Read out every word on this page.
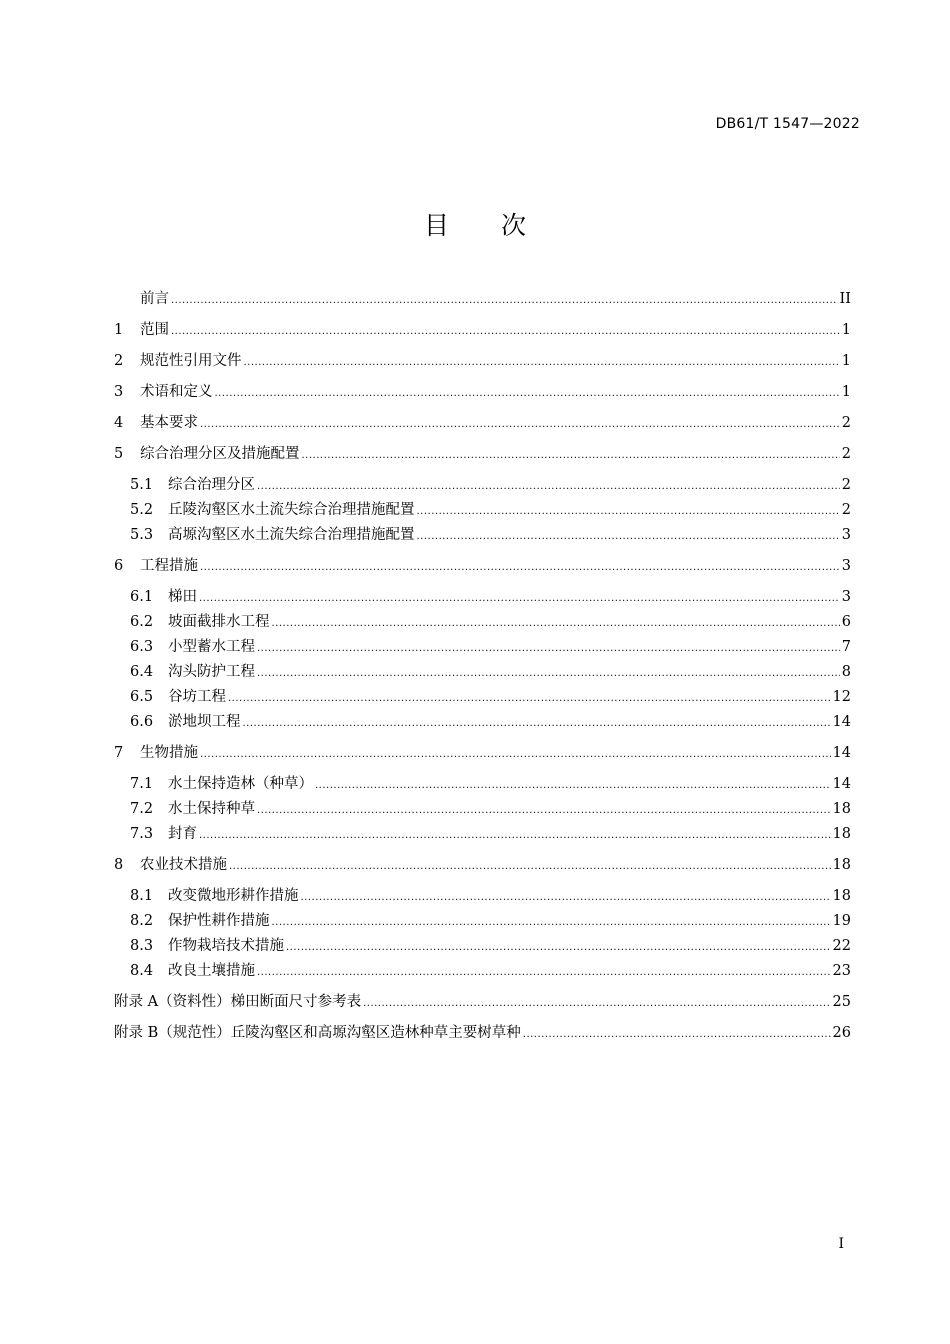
DB61/T 1547—2022
目 次
前言 .....	II
1	范围 .....	1
2	规范性引用文件 .....	1
3	术语和定义 .....	1
4	基本要求 .....	2
5	综合治理分区及措施配置 .....	2
5.1	综合治理分区 .....	2
5.2	丘陵沟壑区水土流失综合治理措施配置 .....	2
5.3	高塬沟壑区水土流失综合治理措施配置 .....	3
6	工程措施 .....	3
6.1	梯田 .....	3
6.2	坡面截排水工程 .....	6
6.3	小型蓄水工程 .....	7
6.4	沟头防护工程 .....	8
6.5	谷坊工程 .....	12
6.6	淤地坝工程 .....	14
7	生物措施 .....	14
7.1	水土保持造林（种草） .....	14
7.2	水土保持种草 .....	18
7.3	封育 .....	18
8	农业技术措施 .....	18
8.1	改变微地形耕作措施 .....	18
8.2	保护性耕作措施 .....	19
8.3	作物栽培技术措施 .....	22
8.4	改良土壤措施 .....	23
附录 A（资料性）梯田断面尺寸参考表 .....	25
附录 B（规范性）丘陵沟壑区和高塬沟壑区造林种草主要树草种 .....	26
I
